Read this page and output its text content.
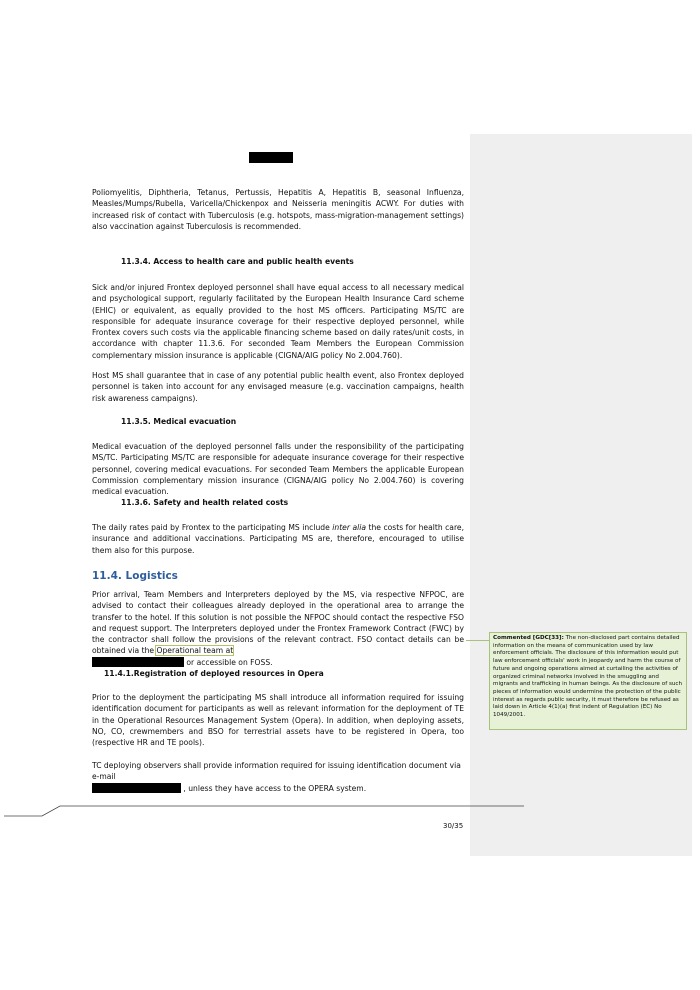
Poliomyelitis, Diphtheria, Tetanus, Pertussis, Hepatitis A, Hepatitis B, seasonal Influenza, Measles/Mumps/Rubella, Varicella/Chickenpox and Neisseria meningitis ACWY. For duties with increased risk of contact with Tuberculosis (e.g. hotspots, mass-migration-management settings) also vaccination against Tuberculosis is recommended.

11.3.4. Access to health care and public health events

Sick and/or injured Frontex deployed personnel shall have equal access to all necessary medical and psychological support, regularly facilitated by the European Health Insurance Card scheme (EHIC) or equivalent, as equally provided to the host MS officers. Participating MS/TC are responsible for adequate insurance coverage for their respective deployed personnel, while Frontex covers such costs via the applicable financing scheme based on daily rates/unit costs, in accordance with chapter 11.3.6. For seconded Team Members the European Commission complementary mission insurance is applicable (CIGNA/AIG policy No 2.004.760).

Host MS shall guarantee that in case of any potential public health event, also Frontex deployed personnel is taken into account for any envisaged measure (e.g. vaccination campaigns, health risk awareness campaigns).

11.3.5. Medical evacuation

Medical evacuation of the deployed personnel falls under the responsibility of the participating MS/TC. Participating MS/TC are responsible for adequate insurance coverage for their respective personnel, covering medical evacuations. For seconded Team Members the applicable European Commission complementary mission insurance (CIGNA/AIG policy No 2.004.760) is covering medical evacuation.

11.3.6. Safety and health related costs

The daily rates paid by Frontex to the participating MS include inter alia the costs for health care, insurance and additional vaccinations. Participating MS are, therefore, encouraged to utilise them also for this purpose.

11.4. Logistics

Prior arrival, Team Members and Interpreters deployed by the MS, via respective NFPOC, are advised to contact their colleagues already deployed in the operational area to arrange the transfer to the hotel. If this solution is not possible the NFPOC should contact the respective FSO and request support. The Interpreters deployed under the Frontex Framework Contract (FWC) by the contractor shall follow the provisions of the relevant contract. FSO contact details can be obtained via the Operational team at
or accessible on FOSS.

11.4.1.Registration of deployed resources in Opera

Prior to the deployment the participating MS shall introduce all information required for issuing identification document for participants as well as relevant information for the deployment of TE in the Operational Resources Management System (Opera). In addition, when deploying assets, NO, CO, crewmembers and BSO for terrestrial assets have to be registered in Opera, too (respective HR and TE pools).

TC deploying observers shall provide information required for issuing identification document via e-mail
, unless they have access to the OPERA system.

Commented [GDC[33]: The non-disclosed part contains detailed information on the means of communication used by law enforcement officials. The disclosure of this information would put law enforcement officials' work in jeopardy and harm the course of future and ongoing operations aimed at curtailing the activities of organized criminal networks involved in the smuggling and migrants and trafficking in human beings. As the disclosure of such pieces of information would undermine the protection of the public interest as regards public security, it must therefore be refused as laid down in Article 4(1)(a) first indent of Regulation (EC) No 1049/2001.
30/35
